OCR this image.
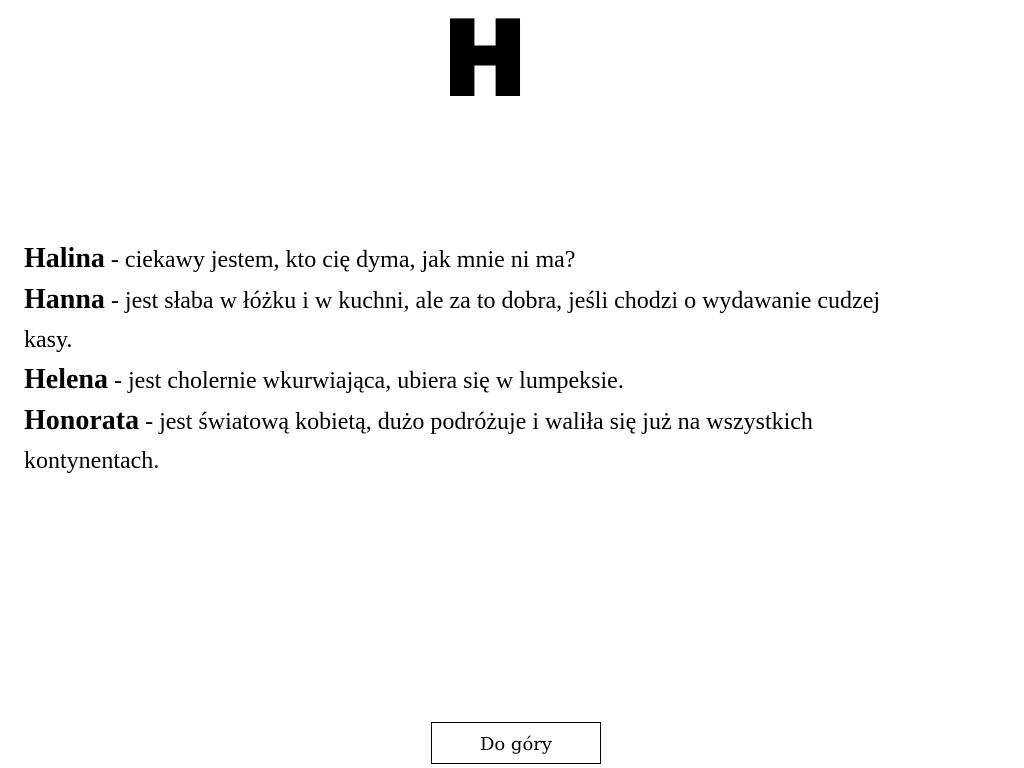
H

Halina - ciekawy jestem, kto cię dyma, jak mnie ni ma?

Hanna - jest słaba w łóżku i w kuchni, ale za to dobra, jeśli chodzi o wydawanie cudzej kasy.

Helena - jest cholernie wkurwiająca, ubiera się w lumpeksie.

Honorata - jest światową kobietą, dużo podróżuje i waliła się już na wszystkich kontynentach.

Do góry
